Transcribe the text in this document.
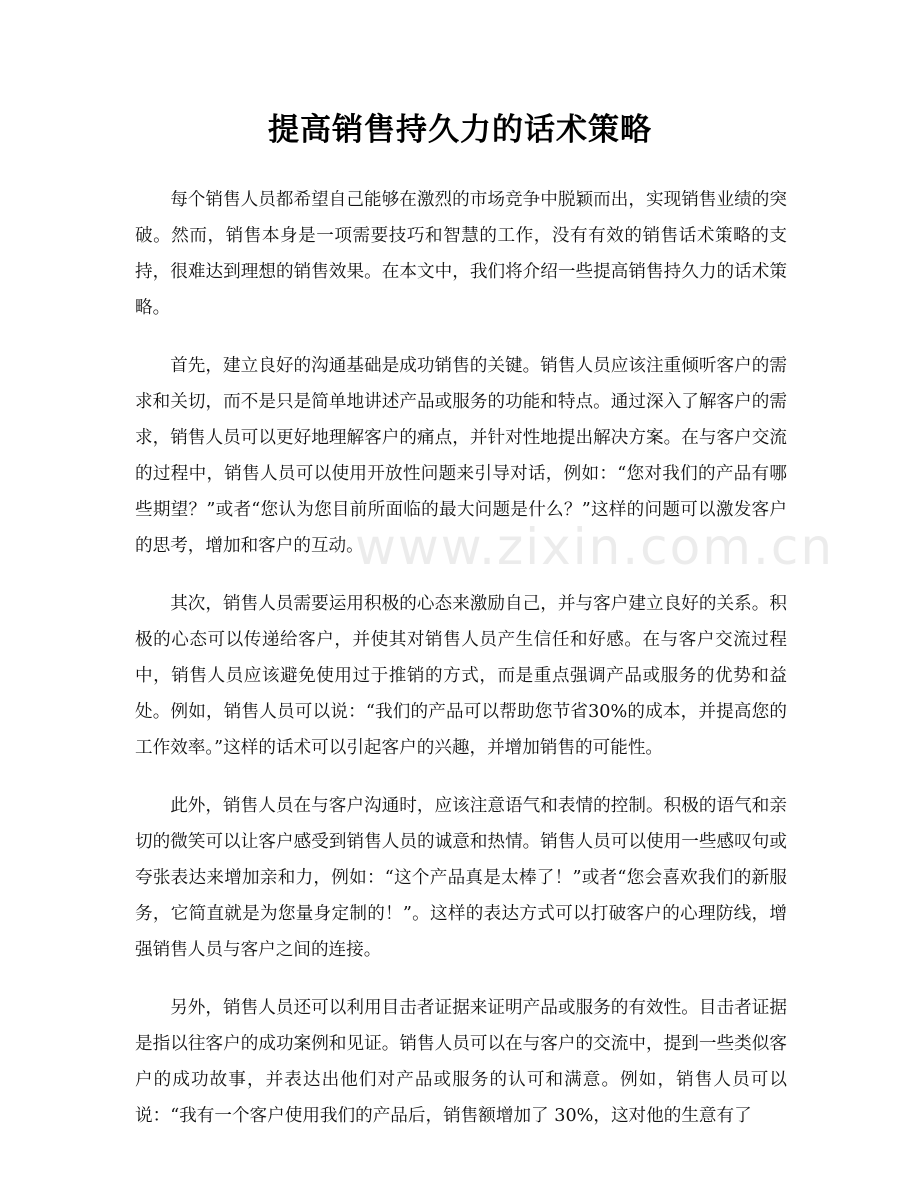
提高销售持久力的话术策略

每个销售人员都希望自己能够在激烈的市场竞争中脱颖而出，实现销售业绩的突破。然而，销售本身是一项需要技巧和智慧的工作，没有有效的销售话术策略的支持，很难达到理想的销售效果。在本文中，我们将介绍一些提高销售持久力的话术策略。

首先，建立良好的沟通基础是成功销售的关键。销售人员应该注重倾听客户的需求和关切，而不是只是简单地讲述产品或服务的功能和特点。通过深入了解客户的需求，销售人员可以更好地理解客户的痛点，并针对性地提出解决方案。在与客户交流的过程中，销售人员可以使用开放性问题来引导对话，例如：“您对我们的产品有哪些期望？”或者“您认为您目前所面临的最大问题是什么？”这样的问题可以激发客户的思考，增加和客户的互动。

其次，销售人员需要运用积极的心态来激励自己，并与客户建立良好的关系。积极的心态可以传递给客户，并使其对销售人员产生信任和好感。在与客户交流过程中，销售人员应该避免使用过于推销的方式，而是重点强调产品或服务的优势和益处。例如，销售人员可以说：“我们的产品可以帮助您节省30%的成本，并提高您的工作效率。”这样的话术可以引起客户的兴趣，并增加销售的可能性。

此外，销售人员在与客户沟通时，应该注意语气和表情的控制。积极的语气和亲切的微笑可以让客户感受到销售人员的诚意和热情。销售人员可以使用一些感叹句或夸张表达来增加亲和力，例如：“这个产品真是太棒了！”或者“您会喜欢我们的新服务，它简直就是为您量身定制的！”。这样的表达方式可以打破客户的心理防线，增强销售人员与客户之间的连接。

另外，销售人员还可以利用目击者证据来证明产品或服务的有效性。目击者证据是指以往客户的成功案例和见证。销售人员可以在与客户的交流中，提到一些类似客户的成功故事，并表达出他们对产品或服务的认可和满意。例如，销售人员可以说：“我有一个客户使用我们的产品后，销售额增加了 30%，这对他的生意有了

www.zixin.com.cn
